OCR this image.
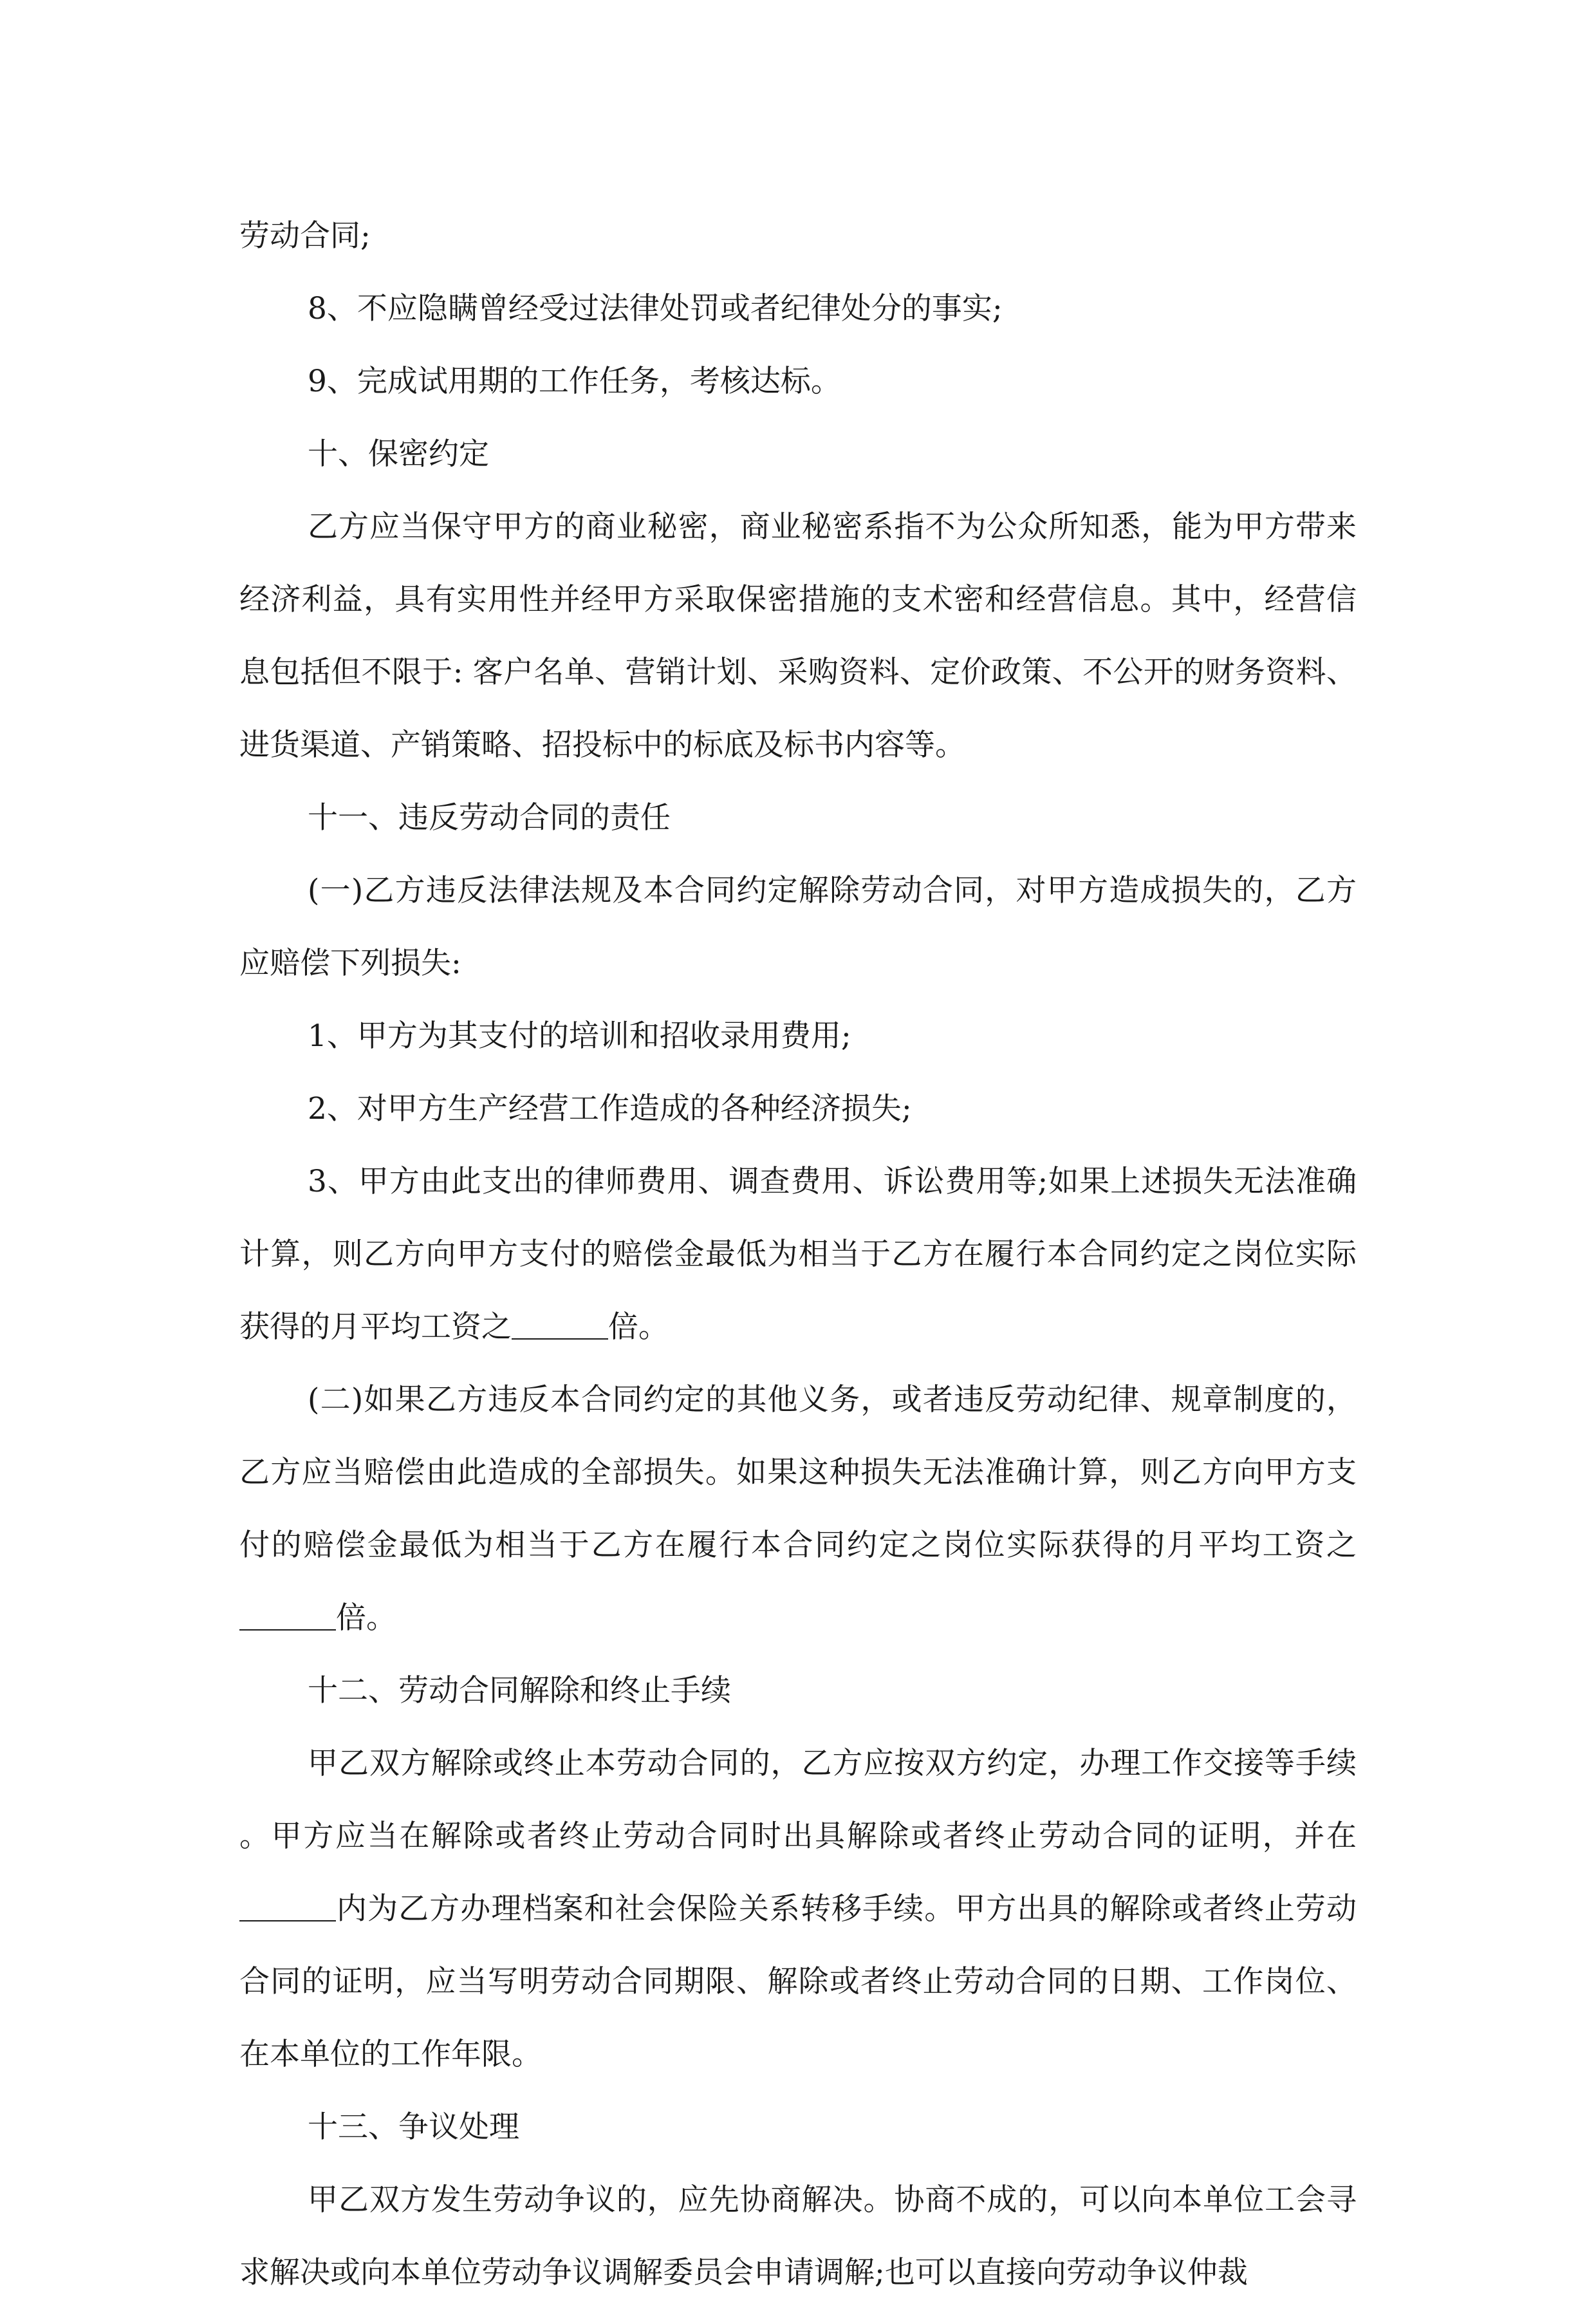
劳动合同;

8、不应隐瞒曾经受过法律处罚或者纪律处分的事实;

9、完成试用期的工作任务，考核达标。

十、保密约定

乙方应当保守甲方的商业秘密，商业秘密系指不为公众所知悉，能为甲方带来经济利益，具有实用性并经甲方采取保密措施的支术密和经营信息。其中，经营信息包括但不限于: 客户名单、营销计划、采购资料、定价政策、不公开的财务资料、进货渠道、产销策略、招投标中的标底及标书内容等。

十一、违反劳动合同的责任

(一)乙方违反法律法规及本合同约定解除劳动合同，对甲方造成损失的，乙方应赔偿下列损失:

1、甲方为其支付的培训和招收录用费用;

2、对甲方生产经营工作造成的各种经济损失;

3、甲方由此支出的律师费用、调查费用、诉讼费用等;如果上述损失无法准确计算，则乙方向甲方支付的赔偿金最低为相当于乙方在履行本合同约定之岗位实际获得的月平均工资之	倍。

(二)如果乙方违反本合同约定的其他义务，或者违反劳动纪律、规章制度的，乙方应当赔偿由此造成的全部损失。如果这种损失无法准确计算，则乙方向甲方支付的赔偿金最低为相当于乙方在履行本合同约定之岗位实际获得的月平均工资之倍。

十二、劳动合同解除和终止手续

甲乙双方解除或终止本劳动合同的，乙方应按双方约定，办理工作交接等手续。甲方应当在解除或者终止劳动合同时出具解除或者终止劳动合同的证明，并在内为乙方办理档案和社会保险关系转移手续。甲方出具的解除或者终止劳动合同的证明，应当写明劳动合同期限、解除或者终止劳动合同的日期、工作岗位、在本单位的工作年限。

十三、争议处理

甲乙双方发生劳动争议的，应先协商解决。协商不成的，可以向本单位工会寻求解决或向本单位劳动争议调解委员会申请调解;也可以直接向劳动争议仲裁
